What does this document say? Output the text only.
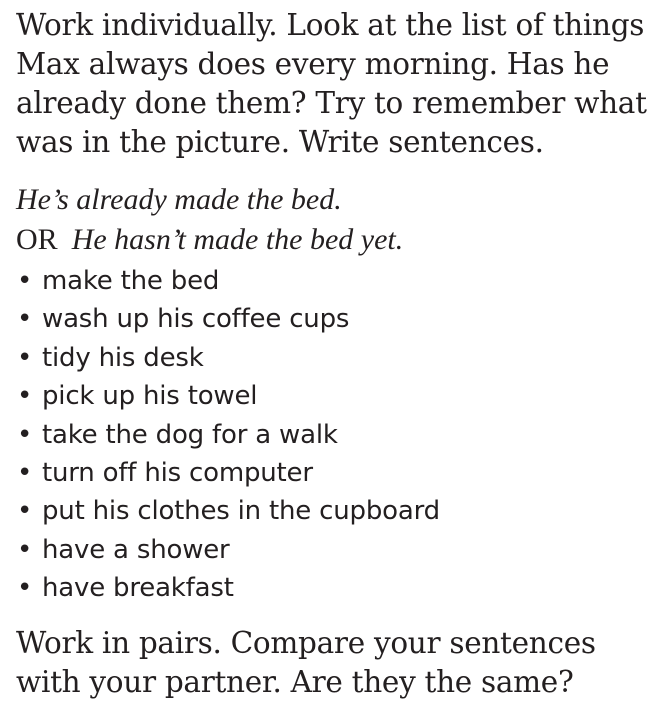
Work individually. Look at the list of things Max always does every morning. Has he already done them? Try to remember what was in the picture. Write sentences.

He’s already made the bed.
OR He hasn’t made the bed yet.
• make the bed
• wash up his coffee cups
• tidy his desk
• pick up his towel
• take the dog for a walk
• turn off his computer
• put his clothes in the cupboard
• have a shower
• have breakfast

Work in pairs. Compare your sentences with your partner. Are they the same?
